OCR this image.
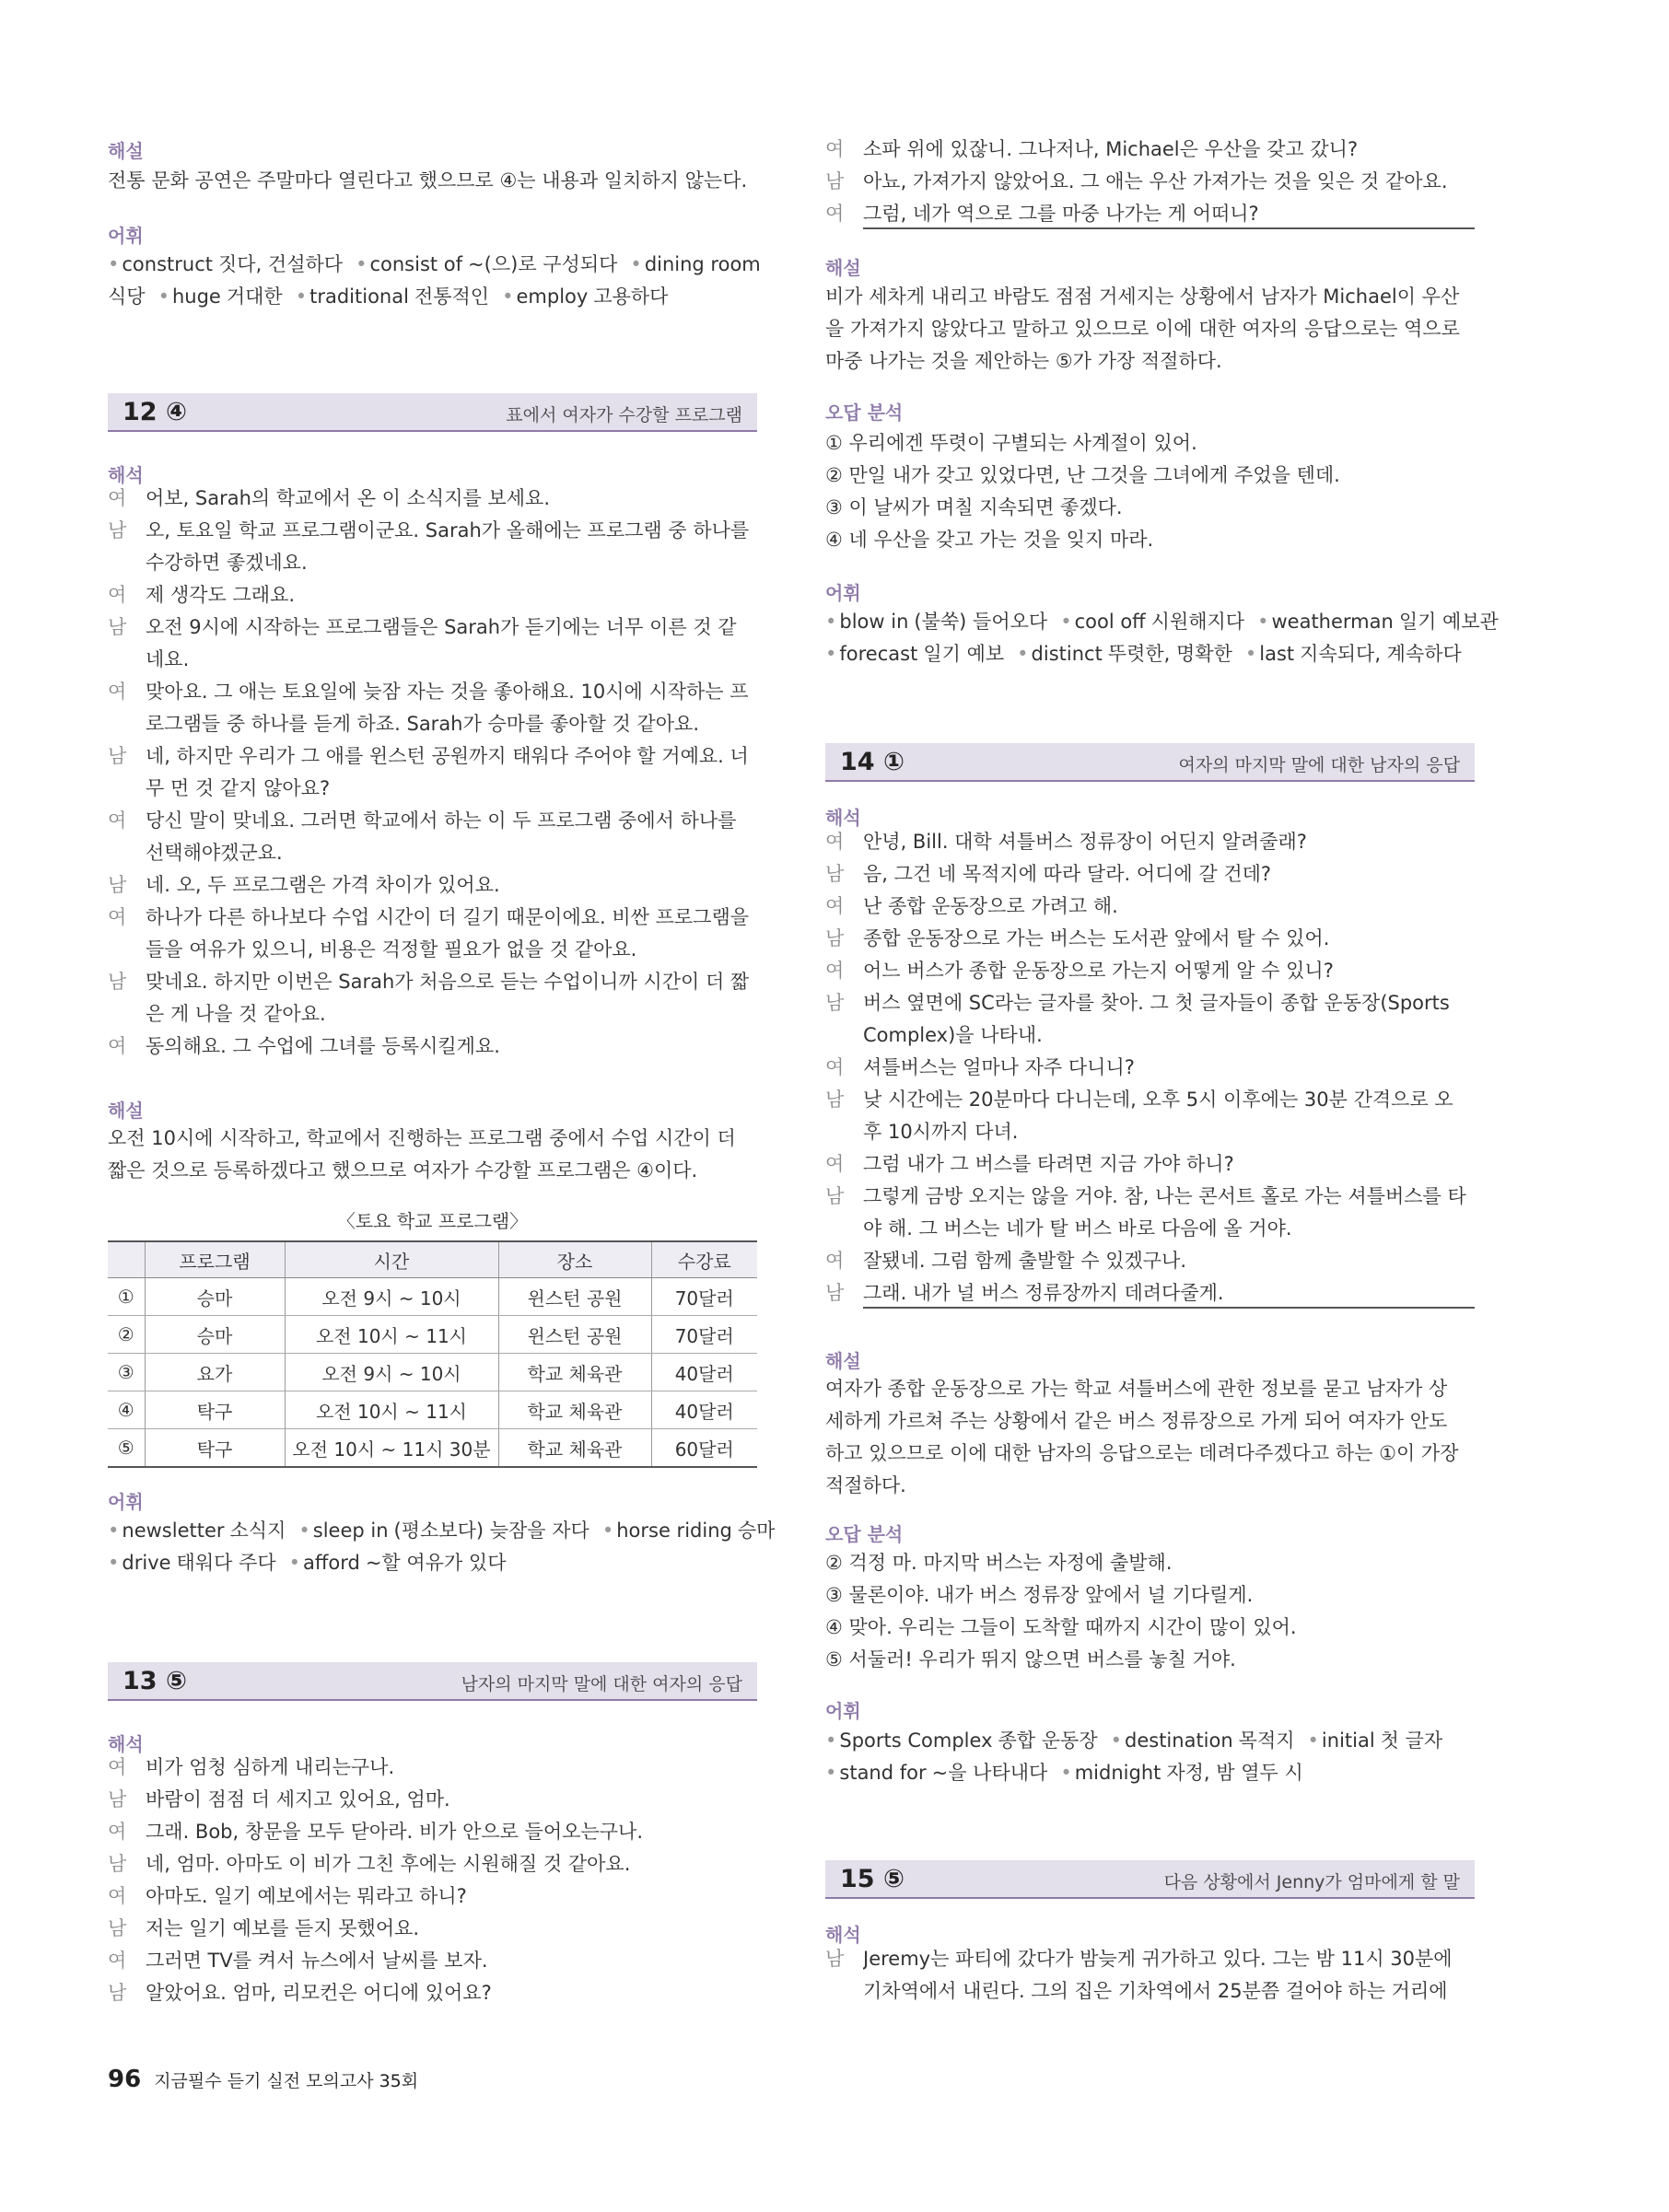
해설
전통 문화 공연은 주말마다 열린다고 했으므로 ④는 내용과 일치하지 않는다.
어휘
• construct 짓다, 건설하다 • consist of ~(으)로 구성되다 • dining room
식당 • huge 거대한 • traditional 전통적인 • employ 고용하다
12 ④	표에서 여자가 수강할 프로그램
해석
해설
오전 10시에 시작하고, 학교에서 진행하는 프로그램 중에서 수업 시간이 더
짧은 것으로 등록하겠다고 했으므로 여자가 수강할 프로그램은 ④이다.
〈토요 학교 프로그램〉
	프로그램	시간	장소	수강료
①	승마	오전 9시 ~ 10시	윈스턴 공원	70달러
②	승마	오전 10시 ~ 11시	윈스턴 공원	70달러
③	요가	오전 9시 ~ 10시	학교 체육관	40달러
④	탁구	오전 10시 ~ 11시	학교 체육관	40달러
⑤	탁구	오전 10시 ~ 11시 30분	학교 체육관	60달러
어휘
• newsletter 소식지 • sleep in (평소보다) 늦잠을 자다 • horse riding 승마
• drive 태워다 주다 • afford ~할 여유가 있다
13 ⑤	남자의 마지막 말에 대한 여자의 응답
해석
여 어보, Sarah의 학교에서 온 이 소식지를 보세요.
남 오, 토요일 학교 프로그램이군요. Sarah가 올해에는 프로그램 중 하나를
수강하면 좋겠네요.
여 제 생각도 그래요.
남 오전 9시에 시작하는 프로그램들은 Sarah가 듣기에는 너무 이른 것 같
네요.
여 맞아요. 그 애는 토요일에 늦잠 자는 것을 좋아해요. 10시에 시작하는 프
로그램들 중 하나를 듣게 하죠. Sarah가 승마를 좋아할 것 같아요.
남 네, 하지만 우리가 그 애를 윈스턴 공원까지 태워다 주어야 할 거예요. 너
무 먼 것 같지 않아요?
여 당신 말이 맞네요. 그러면 학교에서 하는 이 두 프로그램 중에서 하나를
선택해야겠군요.
남 네. 오, 두 프로그램은 가격 차이가 있어요.
여 하나가 다른 하나보다 수업 시간이 더 길기 때문이에요. 비싼 프로그램을
들을 여유가 있으니, 비용은 걱정할 필요가 없을 것 같아요.
남 맞네요. 하지만 이번은 Sarah가 처음으로 듣는 수업이니까 시간이 더 짧
은 게 나을 것 같아요.
여 동의해요. 그 수업에 그녀를 등록시킬게요.
여 비가 엄청 심하게 내리는구나.
남 바람이 점점 더 세지고 있어요, 엄마.
여 그래. Bob, 창문을 모두 닫아라. 비가 안으로 들어오는구나.
남 네, 엄마. 아마도 이 비가 그친 후에는 시원해질 것 같아요.
여 아마도. 일기 예보에서는 뭐라고 하니?
남 저는 일기 예보를 듣지 못했어요.
여 그러면 TV를 켜서 뉴스에서 날씨를 보자.
남 알았어요. 엄마, 리모컨은 어디에 있어요?
해설
비가 세차게 내리고 바람도 점점 거세지는 상황에서 남자가 Michael이 우산
을 가져가지 않았다고 말하고 있으므로 이에 대한 여자의 응답으로는 역으로
마중 나가는 것을 제안하는 ⑤가 가장 적절하다.
오답 분석
① 우리에겐 뚜렷이 구별되는 사계절이 있어.
② 만일 내가 갖고 있었다면, 난 그것을 그녀에게 주었을 텐데.
③ 이 날씨가 며칠 지속되면 좋겠다.
④ 네 우산을 갖고 가는 것을 잊지 마라.
어휘
• blow in (불쑥) 들어오다 • cool off 시원해지다 • weatherman 일기 예보관
• forecast 일기 예보 • distinct 뚜렷한, 명확한 • last 지속되다, 계속하다
14 ①	여자의 마지막 말에 대한 남자의 응답
해석
해설
여자가 종합 운동장으로 가는 학교 셔틀버스에 관한 정보를 묻고 남자가 상
세하게 가르쳐 주는 상황에서 같은 버스 정류장으로 가게 되어 여자가 안도
하고 있으므로 이에 대한 남자의 응답으로는 데려다주겠다고 하는 ①이 가장
적절하다.
오답 분석
② 걱정 마. 마지막 버스는 자정에 출발해.
③ 물론이야. 내가 버스 정류장 앞에서 널 기다릴게.
④ 맞아. 우리는 그들이 도착할 때까지 시간이 많이 있어.
⑤ 서둘러! 우리가 뛰지 않으면 버스를 놓칠 거야.
어휘
• Sports Complex 종합 운동장 • destination 목적지 • initial 첫 글자
• stand for ~을 나타내다 • midnight 자정, 밤 열두 시
15 ⑤	다음 상황에서 Jenny가 엄마에게 할 말
해석
여 소파 위에 있잖니. 그나저나, Michael은 우산을 갖고 갔니?
남 아뇨, 가져가지 않았어요. 그 애는 우산 가져가는 것을 잊은 것 같아요.
여 그럼, 네가 역으로 그를 마중 나가는 게 어떠니?
여 안녕, Bill. 대학 셔틀버스 정류장이 어딘지 알려줄래?
남 음, 그건 네 목적지에 따라 달라. 어디에 갈 건데?
여 난 종합 운동장으로 가려고 해.
남 종합 운동장으로 가는 버스는 도서관 앞에서 탈 수 있어.
여 어느 버스가 종합 운동장으로 가는지 어떻게 알 수 있니?
남 버스 옆면에 SC라는 글자를 찾아. 그 첫 글자들이 종합 운동장(Sports
Complex)을 나타내.
여 셔틀버스는 얼마나 자주 다니니?
남 낮 시간에는 20분마다 다니는데, 오후 5시 이후에는 30분 간격으로 오
후 10시까지 다녀.
여 그럼 내가 그 버스를 타려면 지금 가야 하니?
남 그렇게 금방 오지는 않을 거야. 참, 나는 콘서트 홀로 가는 셔틀버스를 타
야 해. 그 버스는 네가 탈 버스 바로 다음에 올 거야.
여 잘됐네. 그럼 함께 출발할 수 있겠구나.
남 그래. 내가 널 버스 정류장까지 데려다줄게.
남 Jeremy는 파티에 갔다가 밤늦게 귀가하고 있다. 그는 밤 11시 30분에
기차역에서 내린다. 그의 집은 기차역에서 25분쯤 걸어야 하는 거리에
96 지금필수 듣기 실전 모의고사 35회
